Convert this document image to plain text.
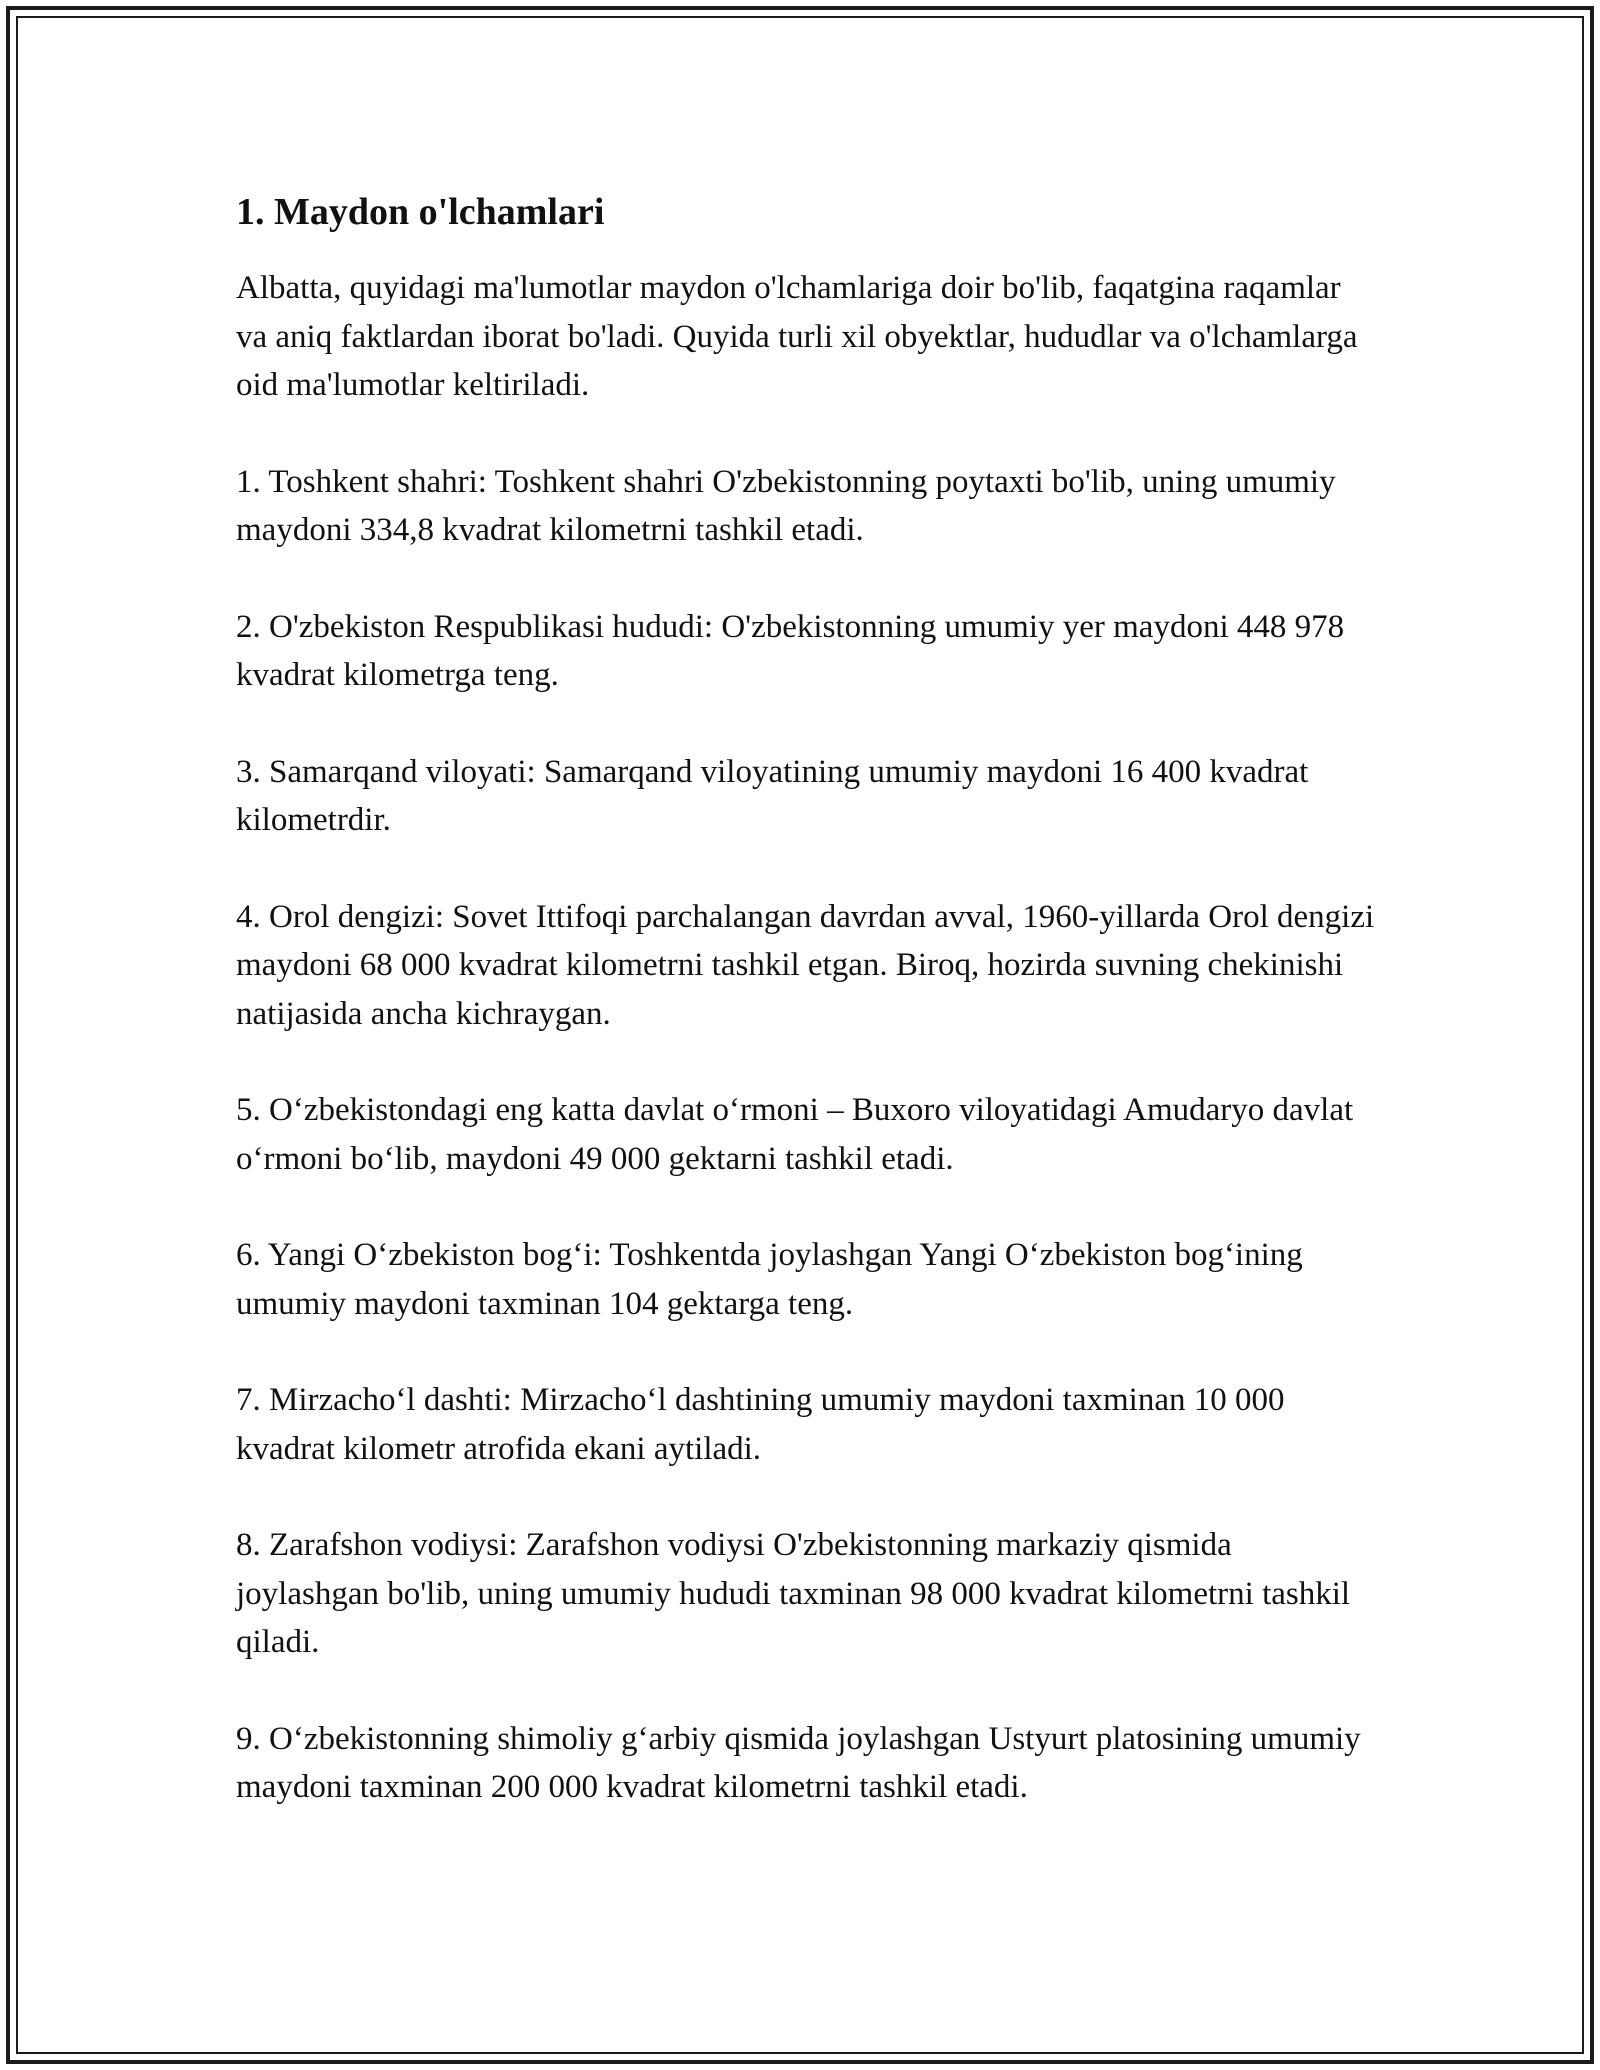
1. Maydon o'lchamlari

Albatta, quyidagi ma'lumotlar maydon o'lchamlariga doir bo'lib, faqatgina raqamlar va aniq faktlardan iborat bo'ladi. Quyida turli xil obyektlar, hududlar va o'lchamlarga oid ma'lumotlar keltiriladi.

1. Toshkent shahri: Toshkent shahri O'zbekistonning poytaxti bo'lib, uning umumiy maydoni 334,8 kvadrat kilometrni tashkil etadi.

2. O'zbekiston Respublikasi hududi: O'zbekistonning umumiy yer maydoni 448 978 kvadrat kilometrga teng.

3. Samarqand viloyati: Samarqand viloyatining umumiy maydoni 16 400 kvadrat kilometrdir.

4. Orol dengizi: Sovet Ittifoqi parchalangan davrdan avval, 1960-yillarda Orol dengizi maydoni 68 000 kvadrat kilometrni tashkil etgan. Biroq, hozirda suvning chekinishi natijasida ancha kichraygan.

5. O‘zbekistondagi eng katta davlat o‘rmoni – Buxoro viloyatidagi Amudaryo davlat o‘rmoni bo‘lib, maydoni 49 000 gektarni tashkil etadi.

6. Yangi O‘zbekiston bog‘i: Toshkentda joylashgan Yangi O‘zbekiston bog‘ining umumiy maydoni taxminan 104 gektarga teng.

7. Mirzacho‘l dashti: Mirzacho‘l dashtining umumiy maydoni taxminan 10 000 kvadrat kilometr atrofida ekani aytiladi.

8. Zarafshon vodiysi: Zarafshon vodiysi O'zbekistonning markaziy qismida joylashgan bo'lib, uning umumiy hududi taxminan 98 000 kvadrat kilometrni tashkil qiladi.

9. O‘zbekistonning shimoliy g‘arbiy qismida joylashgan Ustyurt platosining umumiy maydoni taxminan 200 000 kvadrat kilometrni tashkil etadi.
